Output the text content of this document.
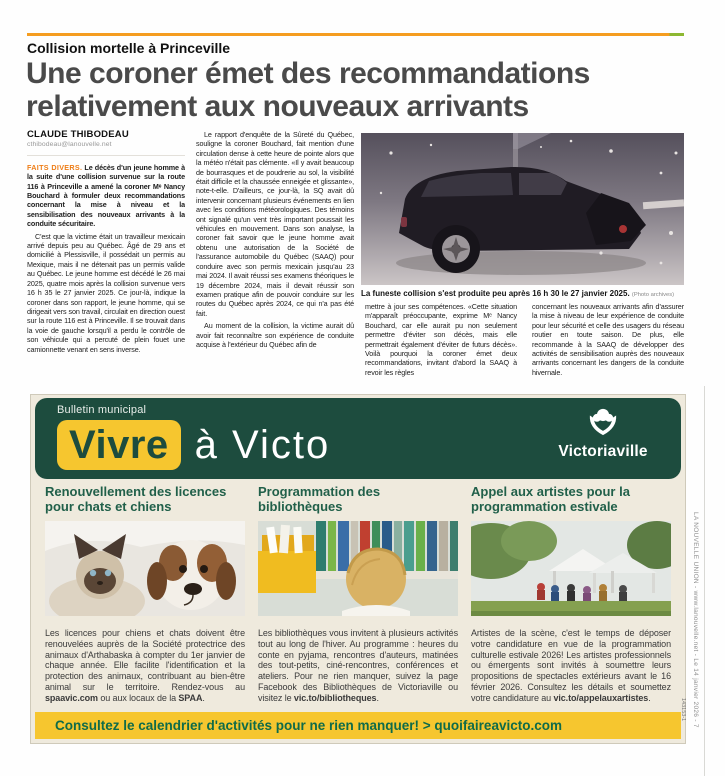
Collision mortelle à Princeville
Une coroner émet des recommandations relativement aux nouveaux arrivants
CLAUDE THIBODEAU
cthibodeau@lanouvelle.net

FAITS DIVERS. Le décès d'un jeune homme à la suite d'une collision survenue sur la route 116 à Princeville a amené la coroner Mᵉ Nancy Bouchard à formuler deux recommandations concernant la mise à niveau et la sensibilisation des nouveaux arrivants à la conduite sécuritaire.

C'est que la victime était un travailleur mexicain arrivé depuis peu au Québec. Âgé de 29 ans et domicilié à Plessisville, il possédait un permis au Mexique, mais il ne détenait pas un permis valide au Québec. Le jeune homme est décédé le 26 mai 2025, quatre mois après la collision survenue vers 16 h 35 le 27 janvier 2025. Ce jour-là, indique la coroner dans son rapport, le jeune homme, qui se dirigeait vers son travail, circulait en direction ouest sur la route 116 est à Princeville. Il se trouvait dans la voie de gauche lorsqu'il a perdu le contrôle de son véhicule qui a percuté de plein fouet une camionnette venant en sens inverse.

Le rapport d'enquête de la Sûreté du Québec, souligne la coroner Bouchard, fait mention d'une circulation dense à cette heure de pointe alors que la météo n'était pas clémente. «Il y avait beaucoup de bourrasques et de poudrerie au sol, la visibilité était difficile et la chaussée enneigée et glissante», note-t-elle. D'ailleurs, ce jour-là, la SQ avait dû intervenir concernant plusieurs événements en lien avec les conditions météorologiques. Des témoins ont signalé qu'un vent très important poussait les véhicules en mouvement. Dans son analyse, la coroner fait savoir que le jeune homme avait obtenu une autorisation de la Société de l'assurance automobile du Québec (SAAQ) pour conduire avec son permis mexicain jusqu'au 23 mai 2024. Il avait réussi ses examens théoriques le 19 décembre 2024, mais il devait réussir son examen pratique afin de pouvoir conduire sur les routes du Québec après 2024, ce qui n'a pas été fait.

Au moment de la collision, la victime aurait dû avoir fait reconnaître son expérience de conduite acquise à l'extérieur du Québec afin de

La funeste collision s'est produite peu après 16 h 30 le 27 janvier 2025. (Photo archives)

mettre à jour ses compétences. «Cette situation m'apparaît préoccupante, exprime Mᵉ Nancy Bouchard, car elle aurait pu non seulement permettre d'éviter son décès, mais elle permettrait également d'éviter de futurs décès». Voilà pourquoi la coroner émet deux recommandations, invitant d'abord la SAAQ à revoir les règles

concernant les nouveaux arrivants afin d'assurer la mise à niveau de leur expérience de conduite pour leur sécurité et celle des usagers du réseau routier en toute saison. De plus, elle recommande à la SAAQ de développer des activités de sensibilisation auprès des nouveaux arrivants concernant les dangers de la conduite hivernale.

Bulletin municipal
Vivre à Victo	Victoriaville
Renouvellement des licences pour chats et chiens
Les licences pour chiens et chats doivent être renouvelées auprès de la Société protectrice des animaux d'Arthabaska à compter du 1er janvier de chaque année. Elle facilite l'identification et la protection des animaux, contribuant au bien-être animal sur le territoire. Rendez-vous au spaavic.com ou aux locaux de la SPAA.
Programmation des bibliothèques
Les bibliothèques vous invitent à plusieurs activités tout au long de l'hiver. Au programme : heures du conte en pyjama, rencontres d'auteurs, matinées des tout-petits, ciné-rencontres, conférences et ateliers. Pour ne rien manquer, suivez la page Facebook des Bibliothèques de Victoriaville ou visitez le vic.to/bibliotheques.
Appel aux artistes pour la programmation estivale
Artistes de la scène, c'est le temps de déposer votre candidature en vue de la programmation culturelle estivale 2026! Les artistes professionnels ou émergents sont invités à soumettre leurs propositions de spectacles extérieurs avant le 16 février 2026. Consultez les détails et soumettez votre candidature au vic.to/appelauxartistes.
Consultez le calendrier d'activités pour ne rien manquer! > quoifaireavicto.com	LA NOUVELLE UNION - www.lanouvelle.net - Le 14 janvier 2026 - 7
143153-1
